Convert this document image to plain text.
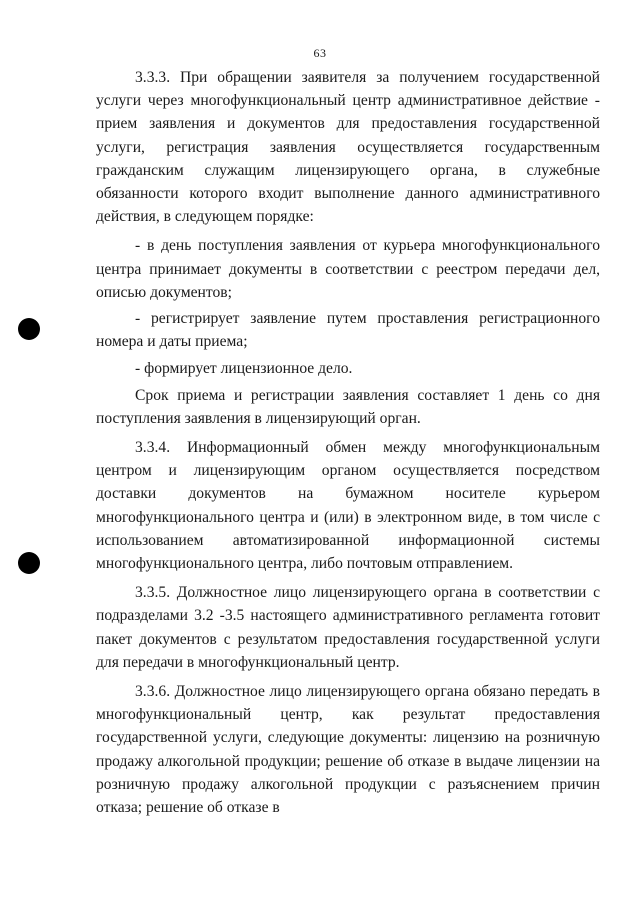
63

3.3.3. При обращении заявителя за получением государственной услуги через многофункциональный центр административное действие - прием заявления и документов для предоставления государственной услуги, регистрация заявления осуществляется государственным гражданским служащим лицензирующего органа, в служебные обязанности которого входит выполнение данного административного действия, в следующем порядке:

- в день поступления заявления от курьера многофункционального центра принимает документы в соответствии с реестром передачи дел, описью документов;

- регистрирует заявление путем проставления регистрационного номера и даты приема;

- формирует лицензионное дело.

Срок приема и регистрации заявления составляет 1 день со дня поступления заявления в лицензирующий орган.

3.3.4. Информационный обмен между многофункциональным центром и лицензирующим органом осуществляется посредством доставки документов на бумажном носителе курьером многофункционального центра и (или) в электронном виде, в том числе с использованием автоматизированной информационной системы многофункционального центра, либо почтовым отправлением.

3.3.5. Должностное лицо лицензирующего органа в соответствии с подразделами 3.2 -3.5 настоящего административного регламента готовит пакет документов с результатом предоставления государственной услуги для передачи в многофункциональный центр.

3.3.6. Должностное лицо лицензирующего органа обязано передать в многофункциональный центр, как результат предоставления государственной услуги, следующие документы: лицензию на розничную продажу алкогольной продукции; решение об отказе в выдаче лицензии на розничную продажу алкогольной продукции с разъяснением причин отказа; решение об отказе в
